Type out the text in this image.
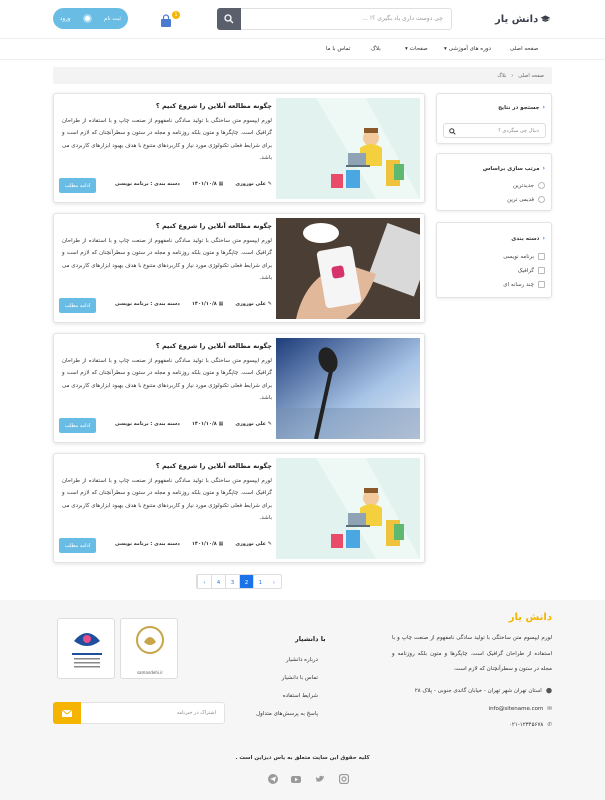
دانش یار
چی دوست داری یاد بگیری ؟! ...
1
ثبت نام
ورود
صفحه اصلی
▾ دوره های آموزشی
▾ صفحات
بلاگ
تماس با ما
صفحه اصلی
‹
بلاگ
‹
جستجو در نتایج
دنبال چی میگردی ؟
‹
مرتب سازی براساس
جدیدترین
قدیمی ترین
‹
دسته بندی
برنامه نویسی
گرافیک
چند رسانه ای
چگونه مطالعه آنلاین را شروع کنیم ؟
لورم ایپسوم متن ساختگی با تولید سادگی نامفهوم از صنعت چاپ و با استفاده از طراحان گرافیک است. چاپگرها و متون بلکه روزنامه و مجله در ستون و سطرآنچنان که لازم است و برای شرایط فعلی تکنولوژی مورد نیاز و کاربردهای متنوع با هدف بهبود ابزارهای کاربردی می باشد.
✎ علی نوروزی
▦ ۱۴۰۱/۱۰/۸
دسته بندی : برنامه نویسی
ادامه مطلب
چگونه مطالعه آنلاین را شروع کنیم ؟
لورم ایپسوم متن ساختگی با تولید سادگی نامفهوم از صنعت چاپ و با استفاده از طراحان گرافیک است. چاپگرها و متون بلکه روزنامه و مجله در ستون و سطرآنچنان که لازم است و برای شرایط فعلی تکنولوژی مورد نیاز و کاربردهای متنوع با هدف بهبود ابزارهای کاربردی می باشد.
✎ علی نوروزی
▦ ۱۴۰۱/۱۰/۸
دسته بندی : برنامه نویسی
ادامه مطلب
چگونه مطالعه آنلاین را شروع کنیم ؟
لورم ایپسوم متن ساختگی با تولید سادگی نامفهوم از صنعت چاپ و با استفاده از طراحان گرافیک است. چاپگرها و متون بلکه روزنامه و مجله در ستون و سطرآنچنان که لازم است و برای شرایط فعلی تکنولوژی مورد نیاز و کاربردهای متنوع با هدف بهبود ابزارهای کاربردی می باشد.
✎ علی نوروزی
▦ ۱۴۰۱/۱۰/۸
دسته بندی : برنامه نویسی
ادامه مطلب
چگونه مطالعه آنلاین را شروع کنیم ؟
لورم ایپسوم متن ساختگی با تولید سادگی نامفهوم از صنعت چاپ و با استفاده از طراحان گرافیک است. چاپگرها و متون بلکه روزنامه و مجله در ستون و سطرآنچنان که لازم است و برای شرایط فعلی تکنولوژی مورد نیاز و کاربردهای متنوع با هدف بهبود ابزارهای کاربردی می باشد.
✎ علی نوروزی
▦ ۱۴۰۱/۱۰/۸
دسته بندی : برنامه نویسی
ادامه مطلب
‹	4	3	2	1	›
دانش یار
لورم ایپسوم متن ساختگی با تولید سادگی نامفهوم از صنعت چاپ و با استفاده از طراحان گرافیک است. چاپگرها و متون بلکه روزنامه و مجله در ستون و سطرآنچنان که لازم است.
⬤
استان تهران شهر تهران - خیابان گاندی جنوبی - پلاک ۲۸
✉
info@sitename.com
✆
۰۲۱-۱۲۳۴۵۶۷۸
با دانشیار
درباره دانشیار
تماس با دانشیار
شرایط استفاده
پاسخ به پرسش‌های متداول
samandehi.ir
اشتراک در خبرنامه
کلیه حقوق این سایت متعلق به یاس دیزاین است .
